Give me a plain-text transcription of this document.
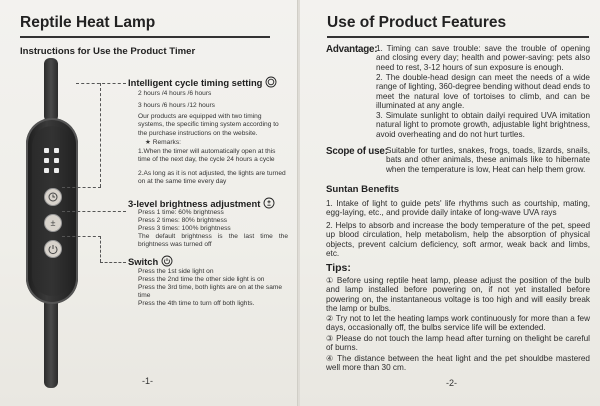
Reptile Heat Lamp
Instructions for Use the Product Timer
±
Intelligent cycle timing setting
2 hours /4 hours /6 hours
3 hours /6 hours /12 hours
Our products are equipped with two timing systems, the specific timing system according to the purchase instructions on the website.
★ Remarks:
1.When the timer will automatically open at this time of the next day, the cycle 24 hours a cycle
2.As long as it is not adjusted, the lights are turned on at the same time every day
3-level brightness adjustment
Press 1 time: 60% brightness
Press 2 times: 80% brightness
Press 3 times: 100% brightness
The default brightness is the last time the brightness was turned off
Switch
Press the 1st side light on
Press the 2nd time the other side light is on
Press the 3rd time, both lights are on at the same time
Press the 4th time to turn off both lights.
-1-
Use of Product Features
Advantage:
1. Timing can save trouble: save the trouble of opening and closing every day; health and power-saving: pets also need to rest, 3-12 hours of sun exposure is enough.
2. The double-head design can meet the needs of a wide range of lighting, 360-degree bending without dead ends to meet the natural love of tortoises to climb, and can be illuminated at any angle.
3. Simulate sunlight to obtain dailyi required UVA imitation natural light to promote growth, adjustable light brightness, avoid overheating and do not hurt turtles.
Scope of use:
Suitable for turtles, snakes, frogs, toads, lizards, snails, bats and other animals, these animals like to hibernate when the temperature is low, Heat can help them grow.
Suntan Benefits
1. Intake of light to guide pets' life rhythms such as courtship, mating, egg-laying, etc., and provide daily intake of long-wave UVA rays
2. Helps to absorb and increase the body temperature of the pet, speed up blood circulation, help metabolism, help the absorption of physical objects, prevent calcium deficiency, soft armor, weak back and limbs, etc.
Tips:
① Before using reptile heat lamp, please adjust the position of the bulb and lamp installed before powering on, if not yet installed before powering on, the instantaneous voltage is too high and will easily break the lamp or bulbs.
② Try not to let the heating lamps work continuously for more than a few days, occasionally off, the bulbs service life will be extended.
③ Please do not touch the lamp head after turning on thelight be careful of burns.
④ The distance between the heat light and the pet shouldbe mastered well more than 30 cm.
-2-
